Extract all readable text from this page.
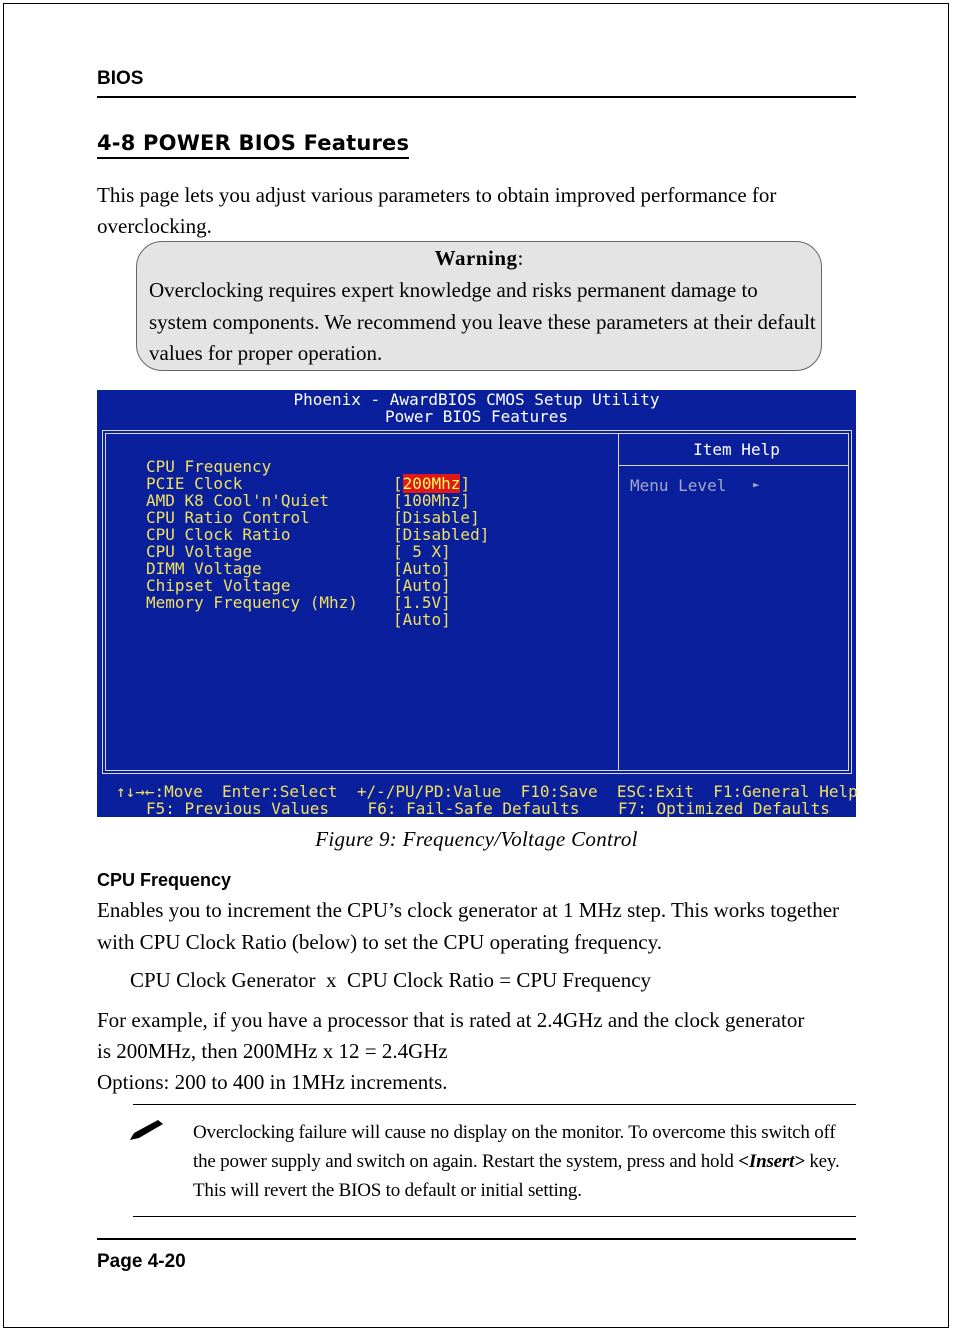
BIOS
4-8 POWER BIOS Features
This page lets you adjust various parameters to obtain improved performance for overclocking.
Warning:
Overclocking requires expert knowledge and risks permanent damage to system components. We recommend you leave these parameters at their default values for proper operation.
Phoenix - AwardBIOS CMOS Setup Utility
Power BIOS Features
Item Help

CPU Frequency

[200Mhz]

PCIE Clock

[100Mhz]

AMD K8 Cool'n'Quiet

[Disable]

CPU Ratio Control

[Disabled]

CPU Clock Ratio

[ 5 X]

CPU Voltage

[Auto]

DIMM Voltage

[Auto]

Chipset Voltage

[1.5V]

Memory Frequency (Mhz)

[Auto]

Menu Level ►
↑↓→←:Move  Enter:Select  +/-/PU/PD:Value  F10:Save  ESC:Exit  F1:General Help
F5: Previous Values    F6: Fail-Safe Defaults    F7: Optimized Defaults
Figure 9: Frequency/Voltage Control
CPU Frequency
Enables you to increment the CPU’s clock generator at 1 MHz step. This works together with CPU Clock Ratio (below) to set the CPU operating frequency.
CPU Clock Generator  x  CPU Clock Ratio = CPU Frequency
For example, if you have a processor that is rated at 2.4GHz and the clock generator
is 200MHz, then 200MHz x 12 = 2.4GHz
Options: 200 to 400 in 1MHz increments.
Overclocking failure will cause no display on the monitor. To overcome this switch off the power supply and switch on again. Restart the system, press and hold <Insert> key. This will revert the BIOS to default or initial setting.
Page 4-20
